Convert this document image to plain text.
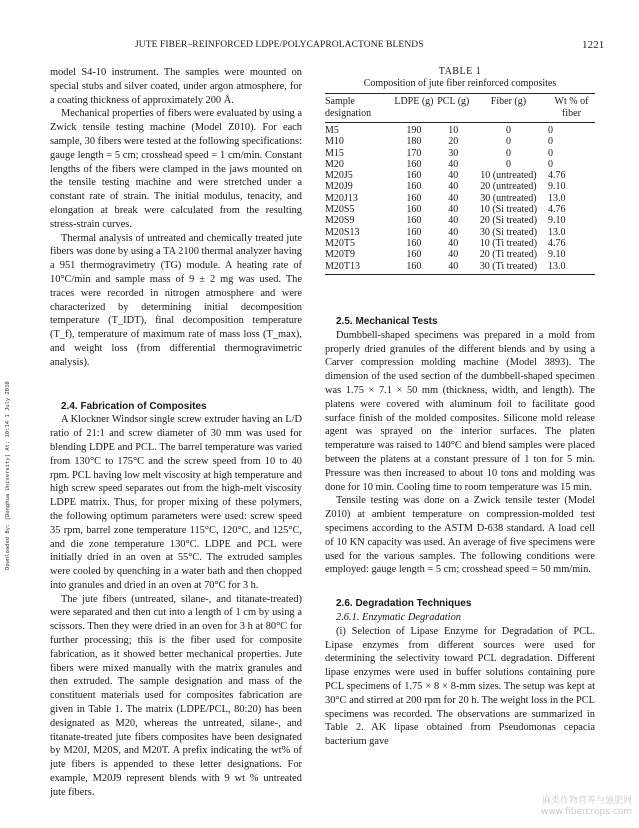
JUTE FIBER–REINFORCED LDPE/POLYCAPROLACTONE BLENDS	1221
Downloaded By: [Donghua University] At: 10:14 1 July 2010

model S4-10 instrument. The samples were mounted on special stubs and silver coated, under argon atmosphere, for a coating thickness of approximately 200 Å.

Mechanical properties of fibers were evaluated by using a Zwick tensile testing machine (Model Z010). For each sample, 30 fibers were tested at the following specifications: gauge length = 5 cm; crosshead speed = 1 cm/min. Constant lengths of the fibers were clamped in the jaws mounted on the tensile testing machine and were stretched under a constant rate of strain. The initial modulus, tenacity, and elongation at break were calculated from the resulting stress-strain curves.

Thermal analysis of untreated and chemically treated jute fibers was done by using a TA 2100 thermal analyzer having a 951 thermogravimetry (TG) module. A heating rate of 10°C/min and sample mass of 9 ± 2 mg was used. The traces were recorded in nitrogen atmosphere and were characterized by determining initial decomposition temperature (T_IDT), final decomposition temperature (T_f), temperature of maximum rate of mass loss (T_max), and weight loss (from differential thermogravimetric analysis).

2.4. Fabrication of Composites

A Klockner Windsor single screw extruder having an L/D ratio of 21:1 and screw diameter of 30 mm was used for blending LDPE and PCL. The barrel temperature was varied from 130°C to 175°C and the screw speed from 10 to 40 rpm. PCL having low melt viscosity at high temperature and high screw speed separates out from the high-melt viscosity LDPE matrix. Thus, for proper mixing of these polymers, the following optimum parameters were used: screw speed 35 rpm, barrel zone temperature 115°C, 120°C, and 125°C, and die zone temperature 130°C. LDPE and PCL were initially dried in an oven at 55°C. The extruded samples were cooled by quenching in a water bath and then chopped into granules and dried in an oven at 70°C for 3 h.

The jute fibers (untreated, silane-, and titanate-treated) were separated and then cut into a length of 1 cm by using a scissors. Then they were dried in an oven for 3 h at 80°C for further processing; this is the fiber used for composite fabrication, as it showed better mechanical properties. Jute fibers were mixed manually with the matrix granules and then extruded. The sample designation and mass of the constituent materials used for composites fabrication are given in Table 1. The matrix (LDPE/PCL, 80:20) has been designated as M20, whereas the untreated, silane-, and titanate-treated jute fibers composites have been designated by M20J, M20S, and M20T. A prefix indicating the wt% of jute fibers is appended to these letter designations. For example, M20J9 represent blends with 9 wt % untreated jute fibers.

TABLE 1
Composition of jute fiber reinforced composites
Sample designation	LDPE (g)	PCL (g)	Fiber (g)	Wt % of fiber
M5	190	10	0	0
M10	180	20	0	0
M15	170	30	0	0
M20	160	40	0	0
M20J5	160	40	10 (untreated)	4.76
M20J9	160	40	20 (untreated)	9.10
M20J13	160	40	30 (untreated)	13.0
M20S5	160	40	10 (Si treated)	4.76
M20S9	160	40	20 (Si treated)	9.10
M20S13	160	40	30 (Si treated)	13.0
M20T5	160	40	10 (Ti treated)	4.76
M20T9	160	40	20 (Ti treated)	9.10
M20T13	160	40	30 (Ti treated)	13.0

2.5. Mechanical Tests

Dumbbell-shaped specimens was prepared in a mold from properly dried granules of the different blends and by using a Carver compression molding machine (Model 3893). The dimension of the used section of the dumbbell-shaped specimen was 1.75 × 7.1 × 50 mm (thickness, width, and length). The platens were covered with aluminum foil to facilitate good surface finish of the molded composites. Silicone mold release agent was sprayed on the interior surfaces. The platen temperature was raised to 140°C and blend samples were placed between the platens at a constant pressure of 1 ton for 5 min. Pressure was then increased to about 10 tons and molding was done for 10 min. Cooling time to room temperature was 15 min.

Tensile testing was done on a Zwick tensile tester (Model Z010) at ambient temperature on compression-molded test specimens according to the ASTM D-638 standard. A load cell of 10 KN capacity was used. An average of five specimens were used for the various samples. The following conditions were employed: gauge length = 5 cm; crosshead speed = 50 mm/min.

2.6. Degradation Techniques

2.6.1. Enzymatic Degradation

(i) Selection of Lipase Enzyme for Degradation of PCL. Lipase enzymes from different sources were used for determining the selectivity toward PCL degradation. Different lipase enzymes were used in buffer solutions containing pure PCL specimens of 1.75 × 8 × 8-mm sizes. The setup was kept at 30°C and stirred at 200 rpm for 20 h. The weight loss in the PCL specimens was recorded. The observations are summarized in Table 2. AK lipase obtained from Pseudomonas cepacia bacterium gave

麻类作物营养与施肥网
www.fibercrops.com
